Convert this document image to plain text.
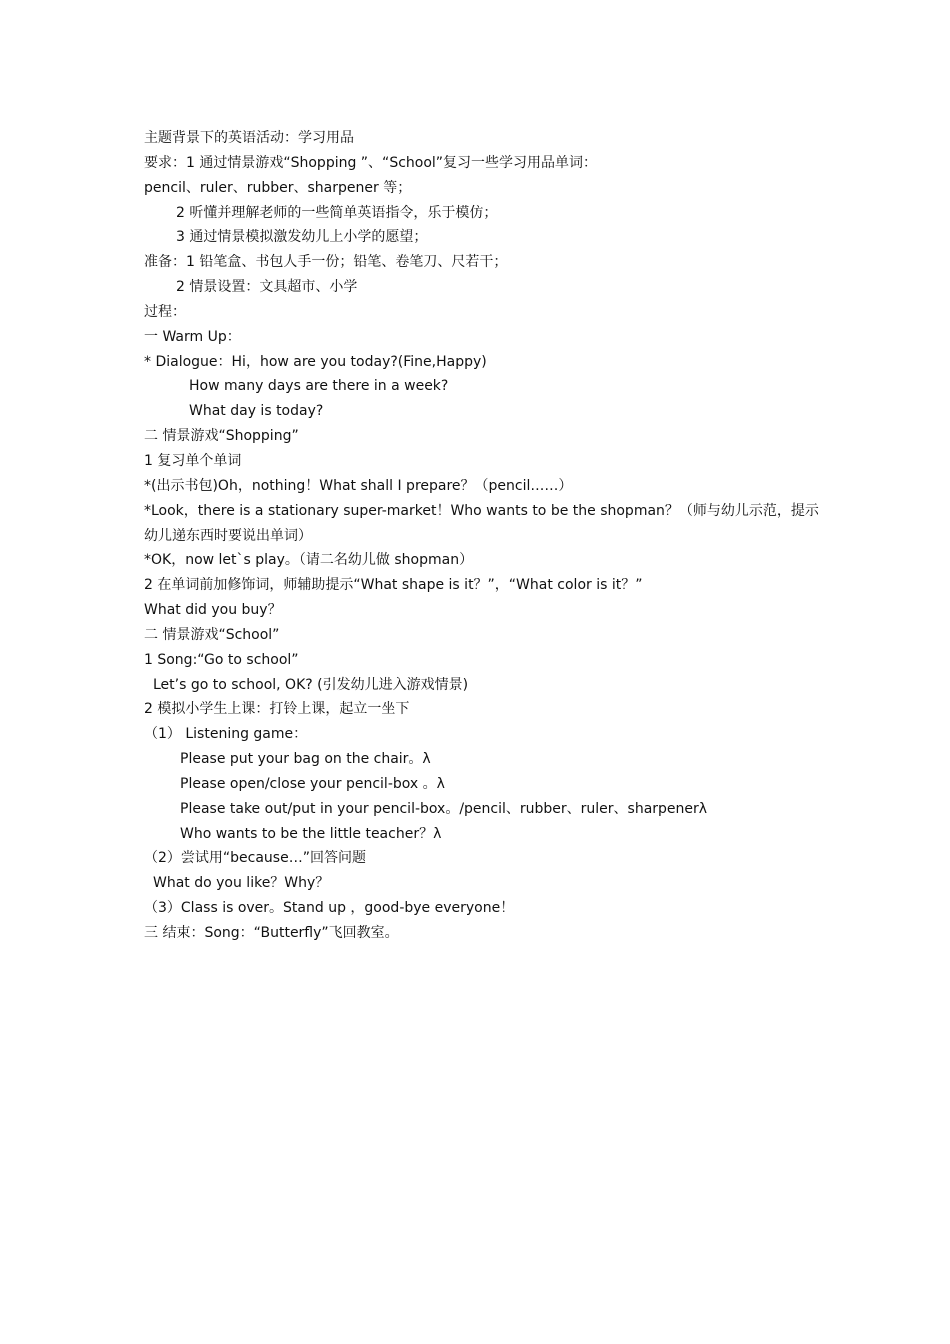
主题背景下的英语活动：学习用品
要求：1 通过情景游戏“Shopping ”、“School”复习一些学习用品单词：
pencil、ruler、rubber、sharpener 等；
2 听懂并理解老师的一些简单英语指令，乐于模仿；
3 通过情景模拟激发幼儿上小学的愿望；
准备：1 铅笔盒、书包人手一份；铅笔、卷笔刀、尺若干；
2 情景设置：文具超市、小学
过程：
一 Warm Up：
* Dialogue：Hi，how are you today?(Fine,Happy)
How many days are there in a week?
What day is today?
二 情景游戏“Shopping”
1 复习单个单词
*(出示书包)Oh，nothing！What shall I prepare？（pencil……）
*Look，there is a stationary super-market！Who wants to be the shopman？（师与幼儿示范，提示幼儿递东西时要说出单词）
*OK，now let`s play。（请二名幼儿做 shopman）
2 在单词前加修饰词，师辅助提示“What shape is it？”，“What color is it？”
What did you buy？
二 情景游戏“School”
1 Song:“Go to school”
Let’s go to school, OK? (引发幼儿进入游戏情景)
2 模拟小学生上课：打铃上课，起立一坐下
（1） Listening game：
Please put your bag on the chair。λ
Please open/close your pencil-box 。λ
Please take out/put in your pencil-box。/pencil、rubber、ruler、sharpenerλ
Who wants to be the little teacher？λ
（2）尝试用“because…”回答问题
What do you like？Why？
（3）Class is over。Stand up ，good-bye everyone！
三 结束：Song：“Butterfly”飞回教室。
